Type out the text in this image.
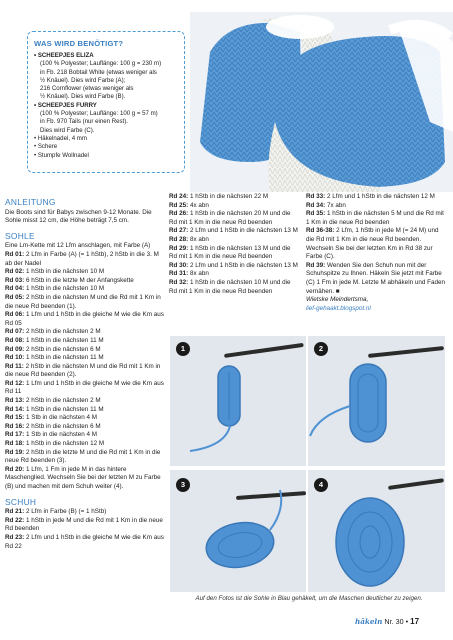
WAS WIRD BENÖTIGT?
• SCHEEPJES ELIZA
(100 % Polyester; Lauflänge: 100 g = 230 m)
in Fb. 218 Bobtail White (etwas weniger als
½ Knäuel). Dies wird Farbe (A);
216 Cornflower (etwas weniger als
½ Knäuel). Dies wird Farbe (B).
• SCHEEPJES FURRY
(100 % Polyester; Lauflänge: 100 g = 57 m)
in Fb. 970 Tails (nur einen Rest).
Dies wird Farbe (C).
• Häkelnadel, 4 mm
• Schere
• Stumpfe Wollnadel
ANLEITUNG

Die Boots sind für Babys zwischen 9-12 Monate. Die Sohle misst 12 cm, die Höhe beträgt 7,5 cm.

SOHLE

Eine Lm-Kette mit 12 Lfm anschlagen, mit Farbe (A)

Rd 01: 2 Lfm in Farbe (A) (= 1 hStb), 2 hStb in die 3. M ab der Nadel

Rd 02: 1 hStb in die nächsten 10 M

Rd 03: 6 hStb in die letzte M der Anfangskette

Rd 04: 1 hStb in die nächsten 10 M

Rd 05: 2 hStb in die nächsten M und die Rd mit 1 Km in die neue Rd beenden (1).

Rd 06: 1 Lfm und 1 hStb in die gleiche M wie die Km aus Rd 05

Rd 07: 2 hStb in die nächsten 2 M

Rd 08: 1 hStb in die nächsten 11 M

Rd 09: 2 hStb in die nächsten 6 M

Rd 10: 1 hStb in die nächsten 11 M

Rd 11: 2 hStb in die nächsten M und die Rd mit 1 Km in die neue Rd beenden (2).

Rd 12: 1 Lfm und 1 hStb in die gleiche M wie die Km aus Rd 11

Rd 13: 2 hStb in die nächsten 2 M

Rd 14: 1 hStb in die nächsten 11 M

Rd 15: 1 Stb in die nächsten 4 M

Rd 16: 2 hStb in die nächsten 6 M

Rd 17: 1 Stb in die nächsten 4 M

Rd 18: 1 hStb in die nächsten 12 M

Rd 19: 2 hStb in die letzte M und die Rd mit 1 Km in die neue Rd beenden (3).

Rd 20: 1 Lfm, 1 Fm in jede M in das hintere Maschenglied. Wechseln Sie bei der letzten M zu Farbe (B) und machen mit dem Schuh weiter (4).

SCHUH

Rd 21: 2 Lfm in Farbe (B) (= 1 hStb)

Rd 22: 1 hStb in jede M und die Rd mit 1 Km in die neue Rd beenden

Rd 23: 2 Lfm und 1 hStb in die gleiche M wie die Km aus Rd 22

Rd 24: 1 hStb in die nächsten 22 M

Rd 25: 4x abn

Rd 26: 1 hStb in die nächsten 20 M und die Rd mit 1 Km in die neue Rd beenden

Rd 27: 2 Lfm und 1 hStb in die nächsten 13 M

Rd 28: 8x abn

Rd 29: 1 hStb in die nächsten 13 M und die Rd mit 1 Km in die neue Rd beenden

Rd 30: 2 Lfm und 1 hStb in die nächsten 13 M

Rd 31: 8x abn

Rd 32: 1 hStb in die nächsten 10 M und die Rd mit 1 Km in die neue Rd beenden

Rd 33: 2 Lfm und 1 hStb in die nächsten 12 M

Rd 34: 7x abn

Rd 35: 1 hStb in die nächsten 5 M und die Rd mit 1 Km in die neue Rd beenden

Rd 36-38: 2 Lfm, 1 hStb in jede M (= 24 M) und die Rd mit 1 Km in die neue Rd beenden. Wechseln Sie bei der letzten Km in Rd 38 zur Farbe (C).

Rd 39: Wenden Sie den Schuh nun mit der Schuhspitze zu Ihnen. Häkeln Sie jetzt mit Farbe (C) 1 Fm in jede M. Letzte M abhäkeln und Faden vernähen. ■

Wietske Meindertsma,

lief-gehaakt.blogspot.nl

1	2
3	4
Auf den Fotos ist die Sohle in Blau gehäkelt, um die Maschen deutlicher zu zeigen.
häkeln Nr. 30 • 17
